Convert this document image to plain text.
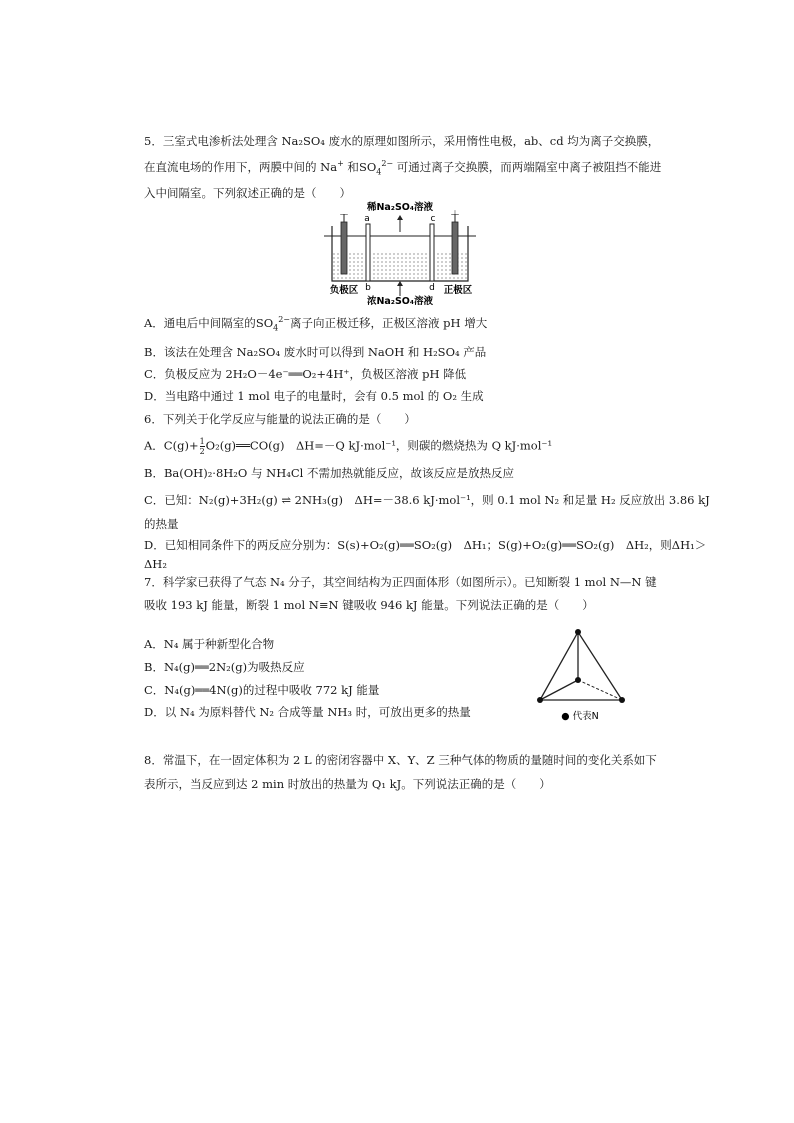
5．三室式电渗析法处理含 Na₂SO₄ 废水的原理如图所示，采用惰性电极，ab、cd 均为离子交换膜，
在直流电场的作用下，两膜中间的 Na+ 和$SO_4^{2-}$ 可通过离子交换膜，而两端隔室中离子被阻挡不能进
入中间隔室。下列叙述正确的是（　　）
稀Na₂SO₄溶液
－	＋
a	c
b	d
负极区	正极区
浓Na₂SO₄溶液
A．通电后中间隔室的$SO_4^{2-}$离子向正极迁移，正极区溶液 pH 增大
B．该法在处理含 Na₂SO₄ 废水时可以得到 NaOH 和 H₂SO₄ 产品
C．负极反应为 2H₂O－4e⁻══O₂+4H⁺，负极区溶液 pH 降低
D．当电路中通过 1 mol 电子的电量时，会有 0.5 mol 的 O₂ 生成
6．下列关于化学反应与能量的说法正确的是（　　）
A．$C(g)+ \frac{1}{2}$ O₂(g)══CO(g)　ΔH=－Q kJ·mol⁻¹，则碳的燃烧热为 Q kJ·mol⁻¹
B．Ba(OH)₂·8H₂O 与 NH₄Cl 不需加热就能反应，故该反应是放热反应
C．已知：N₂(g)+3H₂(g) ⇌ 2NH₃(g)　ΔH=－38.6 kJ·mol⁻¹，则 0.1 mol N₂ 和足量 H₂ 反应放出 3.86 kJ
的热量
D．已知相同条件下的两反应分别为：S(s)+O₂(g)══SO₂(g)　ΔH₁；S(g)+O₂(g)══SO₂(g)　ΔH₂，则ΔH₁＞
ΔH₂
7．科学家已获得了气态 N₄ 分子，其空间结构为正四面体形（如图所示）。已知断裂 1 mol N—N 键
吸收 193 kJ 能量，断裂 1 mol N≡N 键吸收 946 kJ 能量。下列说法正确的是（　　）
A．N₄ 属于种新型化合物
B．N₄(g)══2N₂(g)为吸热反应
C．N₄(g)══4N(g)的过程中吸收 772 kJ 能量
D．以 N₄ 为原料替代 N₂ 合成等量 NH₃ 时，可放出更多的热量	● 代表N
8．常温下，在一固定体积为 2 L 的密闭容器中 X、Y、Z 三种气体的物质的量随时间的变化关系如下
表所示，当反应到达 2 min 时放出的热量为 Q₁ kJ。下列说法正确的是（　　）
